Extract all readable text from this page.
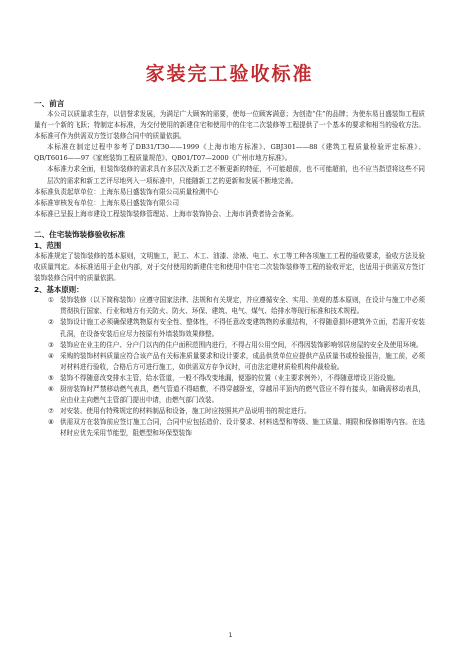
家装完工验收标准
一、前言

本公司以质量求生存，以信誉求发展，为满足广大顾客的需要，使每一位顾客满意；为创造“住”的品牌；为使东易日盛装饰工程质量有一个新的飞跃；特制定本标准，为交付使用的新建住宅和使用中的住宅二次装修等工程提供了一个基本的要求和相当的验收方法。本标准可作为供需双方签订装修合同中的质量依据。

本标准在制定过程中参考了DB31/T30——1999《上海市地方标准》、GBJ301——88《建筑工程质量检验评定标准》、QB/T6016——97《家庭装饰工程质量规范》、QB01/T07—2000《广州市地方标准》。

本标准力求全面，但装饰装修的需求具有多层次及新工艺不断更新的特征，不可能超前，也不可能超前，也不应当指望将这些不同层次的需求和新工艺评尽地列入一项标准中，只能随新工艺的更新和发展不断地完善。

本标准负责起草单位：上海东易日盛装饰有限公司质量检测中心

本标准审核发布单位：上海东易日盛装饰有限公司

本标准已呈报上海市建设工程装饰装修管理站、上海市装饰协会、上海市消费者协会备案。

二、住宅装饰装修验收标准
1、范围

本标准规定了装饰装修的基本原则，文明施工，泥工、木工、油漆、涂裱、电工、水工等工种各项施工工程的验收要求，验收方法及验收质量判定。本标准适用于企业内部，对于交付使用的新建住宅和使用中住宅二次装饰装修等工程的验收评定，也适用于供需双方签订装饰装修合同中的质量依据。

2、基本原则：
① 装饰装修（以下简称装饰）应遵守国家法律、法规和有关规定，并应遵循安全、实用、美观的基本原则，在设计与施工中必须贯彻执行国家、行业和地方有关防火、防火、环保、建筑、电气、煤气、给排水等现行标准和技术规程。
② 装饰设计施工必须确保建筑物原有安全性、整体性，不得任意改变建筑物的承重结构，不得随意损坏建筑外立面，若需开安装孔洞，在设备安装后应尽力按原有外墙装饰效果修整。
③ 装饰应在业主的住户、分户门以内的住户面积范围内进行，不得占用公用空间，不得因装饰影响邻居房屋的安全及使用环境。
④ 采购的装饰材料质量应符合该产品有关标准质量要求和设计要求，成品供货单位应提供产品质量书或检验报告，施工前，必须对材料进行验收，合格后方可进行施工，如供需双方存争议时，可由法定建材质检机构仲裁检验。
⑤ 装饰不得随意改变排水主管，给水管道，一般不得改变地漏，便器的位置（业主要求例外），不得随意增设卫浴设施。
⑥ 厨房装饰时严禁移动燃气表具，燃气管道不得暗敷，不得穿越卧室，穿越吊平顶内的燃气管应不得有接头，如确需移动表具，应由业主向燃气主管部门提出申请，由燃气部门改装。
⑦ 对安装、使用有特殊规定的材料制品和设备，施工时应按照其产品说明书的规定进行。
⑧ 供需双方在装饰前应签订施工合同，合同中应包括造价、设计要求、材料选型和等级、施工质量、期限和保修期等内容。在选材时应优先采用节能型，阻燃型和环保型装饰
1
